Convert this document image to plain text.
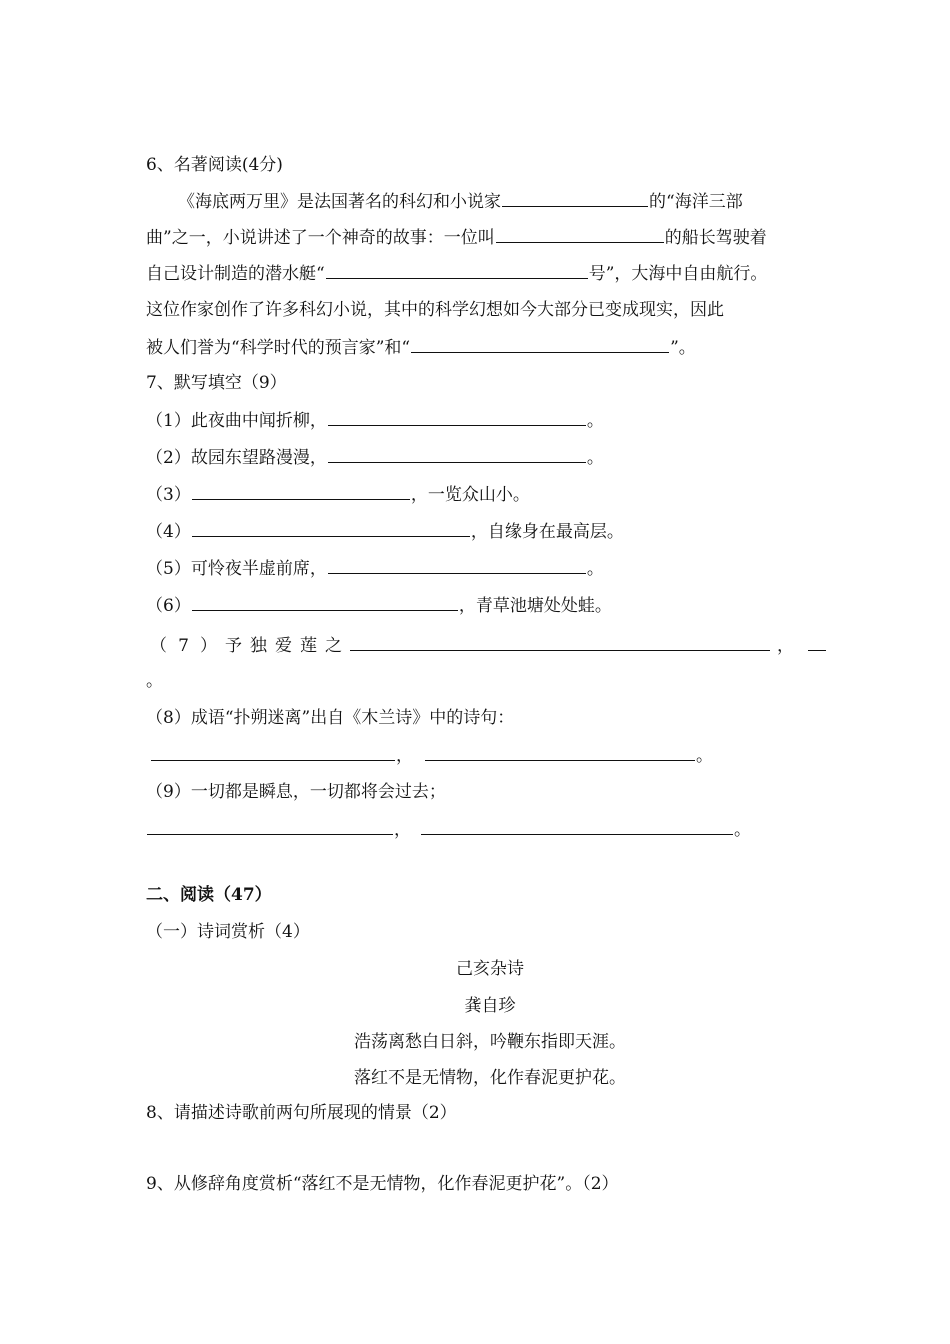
6、名著阅读(4分)
《海底两万里》是法国著名的科幻和小说家	的“海洋三部
曲”之一，小说讲述了一个神奇的故事：一位叫	的船长驾驶着
自己设计制造的潜水艇“	号”，大海中自由航行。
这位作家创作了许多科幻小说，其中的科学幻想如今大部分已变成现实，因此
被人们誉为“科学时代的预言家”和“	”。
7、默写填空（9）
（1）此夜曲中闻折柳，	。
（2）故园东望路漫漫，	。
（3）	，一览众山小。
（4）	，自缘身在最高层。
（5）可怜夜半虚前席，	。
（6）	，青草池塘处处蛙。
（ 7 ） 予 独 爱 莲 之	，
。
（8）成语“扑朔迷离”出自《木兰诗》中的诗句：
，	。
（9）一切都是瞬息，一切都将会过去；
，	。
二、阅读（47）
（一）诗词赏析（4）
己亥杂诗
龚自珍
浩荡离愁白日斜，吟鞭东指即天涯。
落红不是无情物，化作春泥更护花。
8、请描述诗歌前两句所展现的情景（2）
9、从修辞角度赏析“落红不是无情物，化作春泥更护花”。（2）
